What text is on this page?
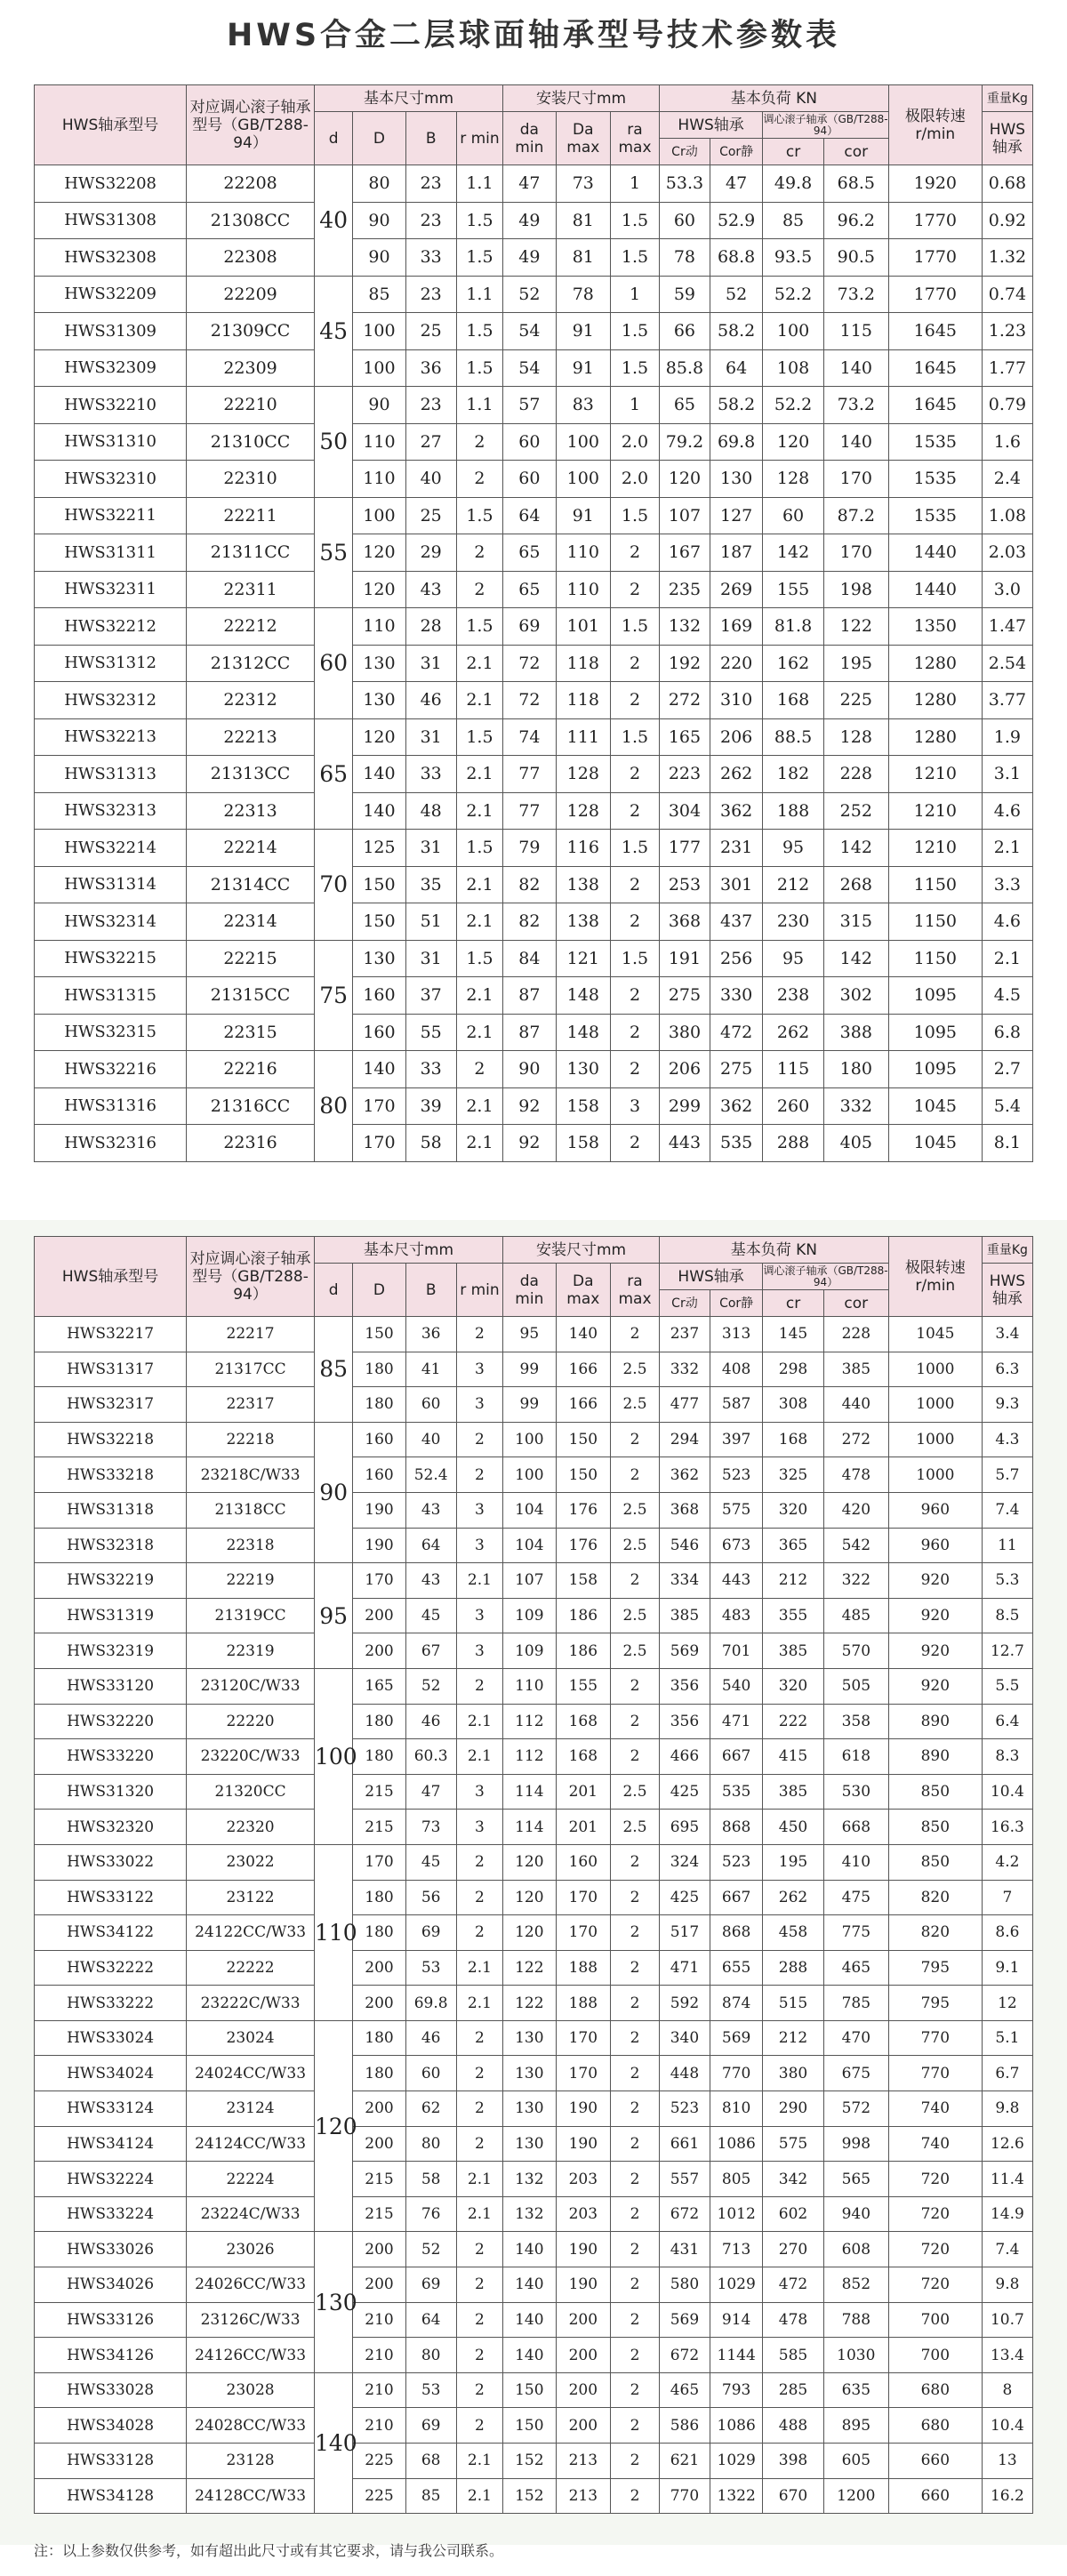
HWS合金二层球面轴承型号技术参数表
HWS轴承型号	对应调心滚子轴承型号（GB/T288-94）	基本尺寸mm				安装尺寸mm			基本负荷 KN				极限转速r/min	重量Kg
		d	D	B	r min	da min	Da max	ra max	HWS轴承		调心滚子轴承（GB/T288-94）			HWS轴承
									Cr动	Cor静	cr	cor		
HWS32208	22208	40	80	23	1.1	47	73	1	53.3	47	49.8	68.5	1920	0.68
HWS31308	21308CC		90	23	1.5	49	81	1.5	60	52.9	85	96.2	1770	0.92
HWS32308	22308		90	33	1.5	49	81	1.5	78	68.8	93.5	90.5	1770	1.32
HWS32209	22209	45	85	23	1.1	52	78	1	59	52	52.2	73.2	1770	0.74
HWS31309	21309CC		100	25	1.5	54	91	1.5	66	58.2	100	115	1645	1.23
HWS32309	22309		100	36	1.5	54	91	1.5	85.8	64	108	140	1645	1.77
HWS32210	22210	50	90	23	1.1	57	83	1	65	58.2	52.2	73.2	1645	0.79
HWS31310	21310CC		110	27	2	60	100	2.0	79.2	69.8	120	140	1535	1.6
HWS32310	22310		110	40	2	60	100	2.0	120	130	128	170	1535	2.4
HWS32211	22211	55	100	25	1.5	64	91	1.5	107	127	60	87.2	1535	1.08
HWS31311	21311CC		120	29	2	65	110	2	167	187	142	170	1440	2.03
HWS32311	22311		120	43	2	65	110	2	235	269	155	198	1440	3.0
HWS32212	22212	60	110	28	1.5	69	101	1.5	132	169	81.8	122	1350	1.47
HWS31312	21312CC		130	31	2.1	72	118	2	192	220	162	195	1280	2.54
HWS32312	22312		130	46	2.1	72	118	2	272	310	168	225	1280	3.77
HWS32213	22213	65	120	31	1.5	74	111	1.5	165	206	88.5	128	1280	1.9
HWS31313	21313CC		140	33	2.1	77	128	2	223	262	182	228	1210	3.1
HWS32313	22313		140	48	2.1	77	128	2	304	362	188	252	1210	4.6
HWS32214	22214	70	125	31	1.5	79	116	1.5	177	231	95	142	1210	2.1
HWS31314	21314CC		150	35	2.1	82	138	2	253	301	212	268	1150	3.3
HWS32314	22314		150	51	2.1	82	138	2	368	437	230	315	1150	4.6
HWS32215	22215	75	130	31	1.5	84	121	1.5	191	256	95	142	1150	2.1
HWS31315	21315CC		160	37	2.1	87	148	2	275	330	238	302	1095	4.5
HWS32315	22315		160	55	2.1	87	148	2	380	472	262	388	1095	6.8
HWS32216	22216	80	140	33	2	90	130	2	206	275	115	180	1095	2.7
HWS31316	21316CC		170	39	2.1	92	158	3	299	362	260	332	1045	5.4
HWS32316	22316		170	58	2.1	92	158	2	443	535	288	405	1045	8.1
HWS轴承型号	对应调心滚子轴承型号（GB/T288-94）	基本尺寸mm				安装尺寸mm			基本负荷 KN				极限转速r/min	重量Kg
		d	D	B	r min	da min	Da max	ra max	HWS轴承		调心滚子轴承（GB/T288-94）			HWS轴承
									Cr动	Cor静	cr	cor		
HWS32217	22217	85	150	36	2	95	140	2	237	313	145	228	1045	3.4
HWS31317	21317CC		180	41	3	99	166	2.5	332	408	298	385	1000	6.3
HWS32317	22317		180	60	3	99	166	2.5	477	587	308	440	1000	9.3
HWS32218	22218	90	160	40	2	100	150	2	294	397	168	272	1000	4.3
HWS33218	23218C/W33		160	52.4	2	100	150	2	362	523	325	478	1000	5.7
HWS31318	21318CC		190	43	3	104	176	2.5	368	575	320	420	960	7.4
HWS32318	22318		190	64	3	104	176	2.5	546	673	365	542	960	11
HWS32219	22219	95	170	43	2.1	107	158	2	334	443	212	322	920	5.3
HWS31319	21319CC		200	45	3	109	186	2.5	385	483	355	485	920	8.5
HWS32319	22319		200	67	3	109	186	2.5	569	701	385	570	920	12.7
HWS33120	23120C/W33	100	165	52	2	110	155	2	356	540	320	505	920	5.5
HWS32220	22220		180	46	2.1	112	168	2	356	471	222	358	890	6.4
HWS33220	23220C/W33		180	60.3	2.1	112	168	2	466	667	415	618	890	8.3
HWS31320	21320CC		215	47	3	114	201	2.5	425	535	385	530	850	10.4
HWS32320	22320		215	73	3	114	201	2.5	695	868	450	668	850	16.3
HWS33022	23022	110	170	45	2	120	160	2	324	523	195	410	850	4.2
HWS33122	23122		180	56	2	120	170	2	425	667	262	475	820	7
HWS34122	24122CC/W33		180	69	2	120	170	2	517	868	458	775	820	8.6
HWS32222	22222		200	53	2.1	122	188	2	471	655	288	465	795	9.1
HWS33222	23222C/W33		200	69.8	2.1	122	188	2	592	874	515	785	795	12
HWS33024	23024	120	180	46	2	130	170	2	340	569	212	470	770	5.1
HWS34024	24024CC/W33		180	60	2	130	170	2	448	770	380	675	770	6.7
HWS33124	23124		200	62	2	130	190	2	523	810	290	572	740	9.8
HWS34124	24124CC/W33		200	80	2	130	190	2	661	1086	575	998	740	12.6
HWS32224	22224		215	58	2.1	132	203	2	557	805	342	565	720	11.4
HWS33224	23224C/W33		215	76	2.1	132	203	2	672	1012	602	940	720	14.9
HWS33026	23026	130	200	52	2	140	190	2	431	713	270	608	720	7.4
HWS34026	24026CC/W33		200	69	2	140	190	2	580	1029	472	852	720	9.8
HWS33126	23126C/W33		210	64	2	140	200	2	569	914	478	788	700	10.7
HWS34126	24126CC/W33		210	80	2	140	200	2	672	1144	585	1030	700	13.4
HWS33028	23028	140	210	53	2	150	200	2	465	793	285	635	680	8
HWS34028	24028CC/W33		210	69	2	150	200	2	586	1086	488	895	680	10.4
HWS33128	23128		225	68	2.1	152	213	2	621	1029	398	605	660	13
HWS34128	24128CC/W33		225	85	2.1	152	213	2	770	1322	670	1200	660	16.2
注：以上参数仅供参考，如有超出此尺寸或有其它要求，请与我公司联系。
